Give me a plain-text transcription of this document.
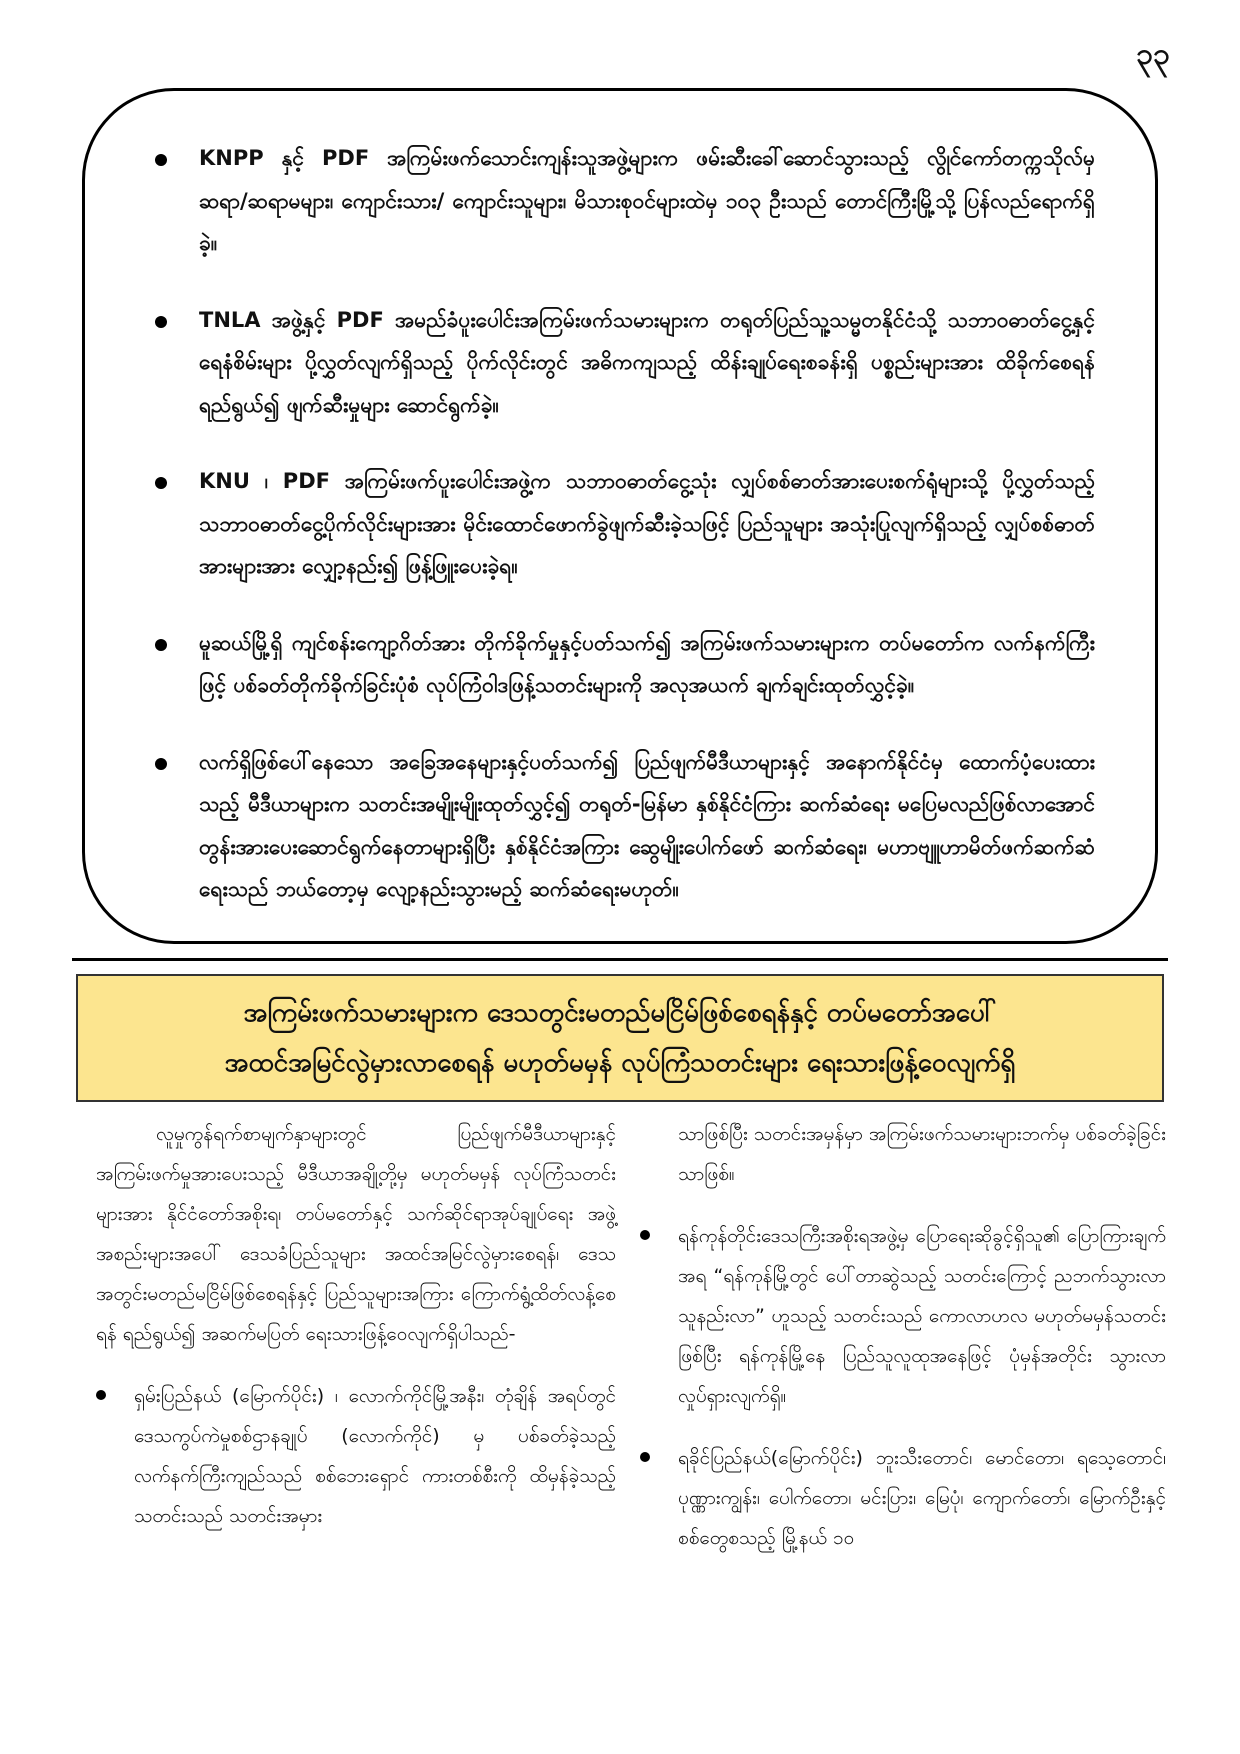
၃၃
KNPP နှင့် PDF အကြမ်းဖက်သောင်းကျန်းသူအဖွဲ့များက ဖမ်းဆီးခေါ်ဆောင်သွားသည့် လွိုင်ကော်တက္ကသိုလ်မှ ဆရာ/ဆရာမများ၊ ကျောင်းသား/ ကျောင်းသူများ၊ မိသားစုဝင်များထဲမှ ၁၀၃ ဦးသည် တောင်ကြီးမြို့သို့ ပြန်လည်ရောက်ရှိခဲ့။
TNLA အဖွဲ့နှင့် PDF အမည်ခံပူးပေါင်းအကြမ်းဖက်သမားများက တရုတ်ပြည်သူ့သမ္မတနိုင်ငံသို့ သဘာဝဓာတ်ငွေ့နှင့် ရေနံစိမ်းများ ပို့လွှတ်လျက်ရှိသည့် ပိုက်လိုင်းတွင် အဓိကကျသည့် ထိန်းချုပ်ရေးစခန်းရှိ ပစ္စည်းများအား ထိခိုက်စေရန် ရည်ရွယ်၍ ဖျက်ဆီးမှုများ ဆောင်ရွက်ခဲ့။
KNU ၊ PDF အကြမ်းဖက်ပူးပေါင်းအဖွဲ့က သဘာဝဓာတ်ငွေ့သုံး လျှပ်စစ်ဓာတ်အားပေးစက်ရုံများသို့ ပို့လွှတ်သည့် သဘာဝဓာတ်ငွေ့ပိုက်လိုင်းများအား မိုင်းထောင်ဖောက်ခွဲဖျက်ဆီးခဲ့သဖြင့် ပြည်သူများ အသုံးပြုလျက်ရှိသည့် လျှပ်စစ်ဓာတ်အားများအား လျှော့နည်း၍ ဖြန့်ဖြူးပေးခဲ့ရ။
မူဆယ်မြို့ရှိ ကျင်စန်းကျော့ဂိတ်အား တိုက်ခိုက်မှုနှင့်ပတ်သက်၍ အကြမ်းဖက်သမားများက တပ်မတော်က လက်နက်ကြီးဖြင့် ပစ်ခတ်တိုက်ခိုက်ခြင်းပုံစံ လုပ်ကြံဝါဒဖြန့်သတင်းများကို အလုအယက် ချက်ချင်းထုတ်လွှင့်ခဲ့။
လက်ရှိဖြစ်ပေါ်နေသော အခြေအနေများနှင့်ပတ်သက်၍ ပြည်ဖျက်မီဒီယာများနှင့် အနောက်နိုင်ငံမှ ထောက်ပံ့ပေးထားသည့် မီဒီယာများက သတင်းအမျိုးမျိုးထုတ်လွှင့်၍ တရုတ်-မြန်မာ နှစ်နိုင်ငံကြား ဆက်ဆံရေး မပြေမလည်ဖြစ်လာအောင် တွန်းအားပေးဆောင်ရွက်နေတာများရှိပြီး နှစ်နိုင်ငံအကြား ဆွေမျိုးပေါက်ဖော် ဆက်ဆံရေး၊ မဟာဗျူဟာမိတ်ဖက်ဆက်ဆံရေးသည် ဘယ်တော့မှ လျော့နည်းသွားမည့် ဆက်ဆံရေးမဟုတ်။
အကြမ်းဖက်သမားများက ဒေသတွင်းမတည်မငြိမ်ဖြစ်စေရန်နှင့် တပ်မတော်အပေါ်
အထင်အမြင်လွဲမှားလာစေရန် မဟုတ်မမှန် လုပ်ကြံသတင်းများ ရေးသားဖြန့်ဝေလျက်ရှိ

လူမှုကွန်ရက်စာမျက်နှာများတွင် ပြည်ဖျက်မီဒီယာများနှင့် အကြမ်းဖက်မှုအားပေးသည့် မီဒီယာအချို့တို့မှ မဟုတ်မမှန် လုပ်ကြံသတင်းများအား နိုင်ငံတော်အစိုးရ၊ တပ်မတော်နှင့် သက်ဆိုင်ရာအုပ်ချုပ်ရေး အဖွဲ့အစည်းများအပေါ် ဒေသခံပြည်သူများ အထင်အမြင်လွဲမှားစေရန်၊ ဒေသအတွင်းမတည်မငြိမ်ဖြစ်စေရန်နှင့် ပြည်သူများအကြား ကြောက်ရွံ့ထိတ်လန့်စေရန် ရည်ရွယ်၍ အဆက်မပြတ် ရေးသားဖြန့်ဝေလျက်ရှိပါသည်-

ရှမ်းပြည်နယ် (မြောက်ပိုင်း) ၊ လောက်ကိုင်မြို့အနီး၊ တုံချိန် အရပ်တွင် ဒေသကွပ်ကဲမှုစစ်ဌာနချုပ် (လောက်ကိုင်) မှ ပစ်ခတ်ခဲ့သည့် လက်နက်ကြီးကျည်သည် စစ်ဘေးရှောင် ကားတစ်စီးကို ထိမှန်ခဲ့သည့်သတင်းသည် သတင်းအမှား

သာဖြစ်ပြီး သတင်းအမှန်မှာ အကြမ်းဖက်သမားများဘက်မှ ပစ်ခတ်ခဲ့ခြင်းသာဖြစ်။

ရန်ကုန်တိုင်းဒေသကြီးအစိုးရအဖွဲ့မှ ပြောရေးဆိုခွင့်ရှိသူ၏ ပြောကြားချက်အရ “ရန်ကုန်မြို့တွင် ပေါ်တာဆွဲသည့် သတင်းကြောင့် ညဘက်သွားလာသူနည်းလာ” ဟူသည့် သတင်းသည် ကောလာဟလ မဟုတ်မမှန်သတင်းဖြစ်ပြီး ရန်ကုန်မြို့နေ ပြည်သူလူထုအနေဖြင့် ပုံမှန်အတိုင်း သွားလာလှုပ်ရှားလျက်ရှိ။
ရခိုင်ပြည်နယ်(မြောက်ပိုင်း) ဘူးသီးတောင်၊ မောင်တော၊ ရသေ့တောင်၊ ပုဏ္ဏားကျွန်း၊ ပေါက်တော၊ မင်းပြား၊ မြေပုံ၊ ကျောက်တော်၊ မြောက်ဦးနှင့် စစ်တွေစသည့် မြို့နယ် ၁၀
